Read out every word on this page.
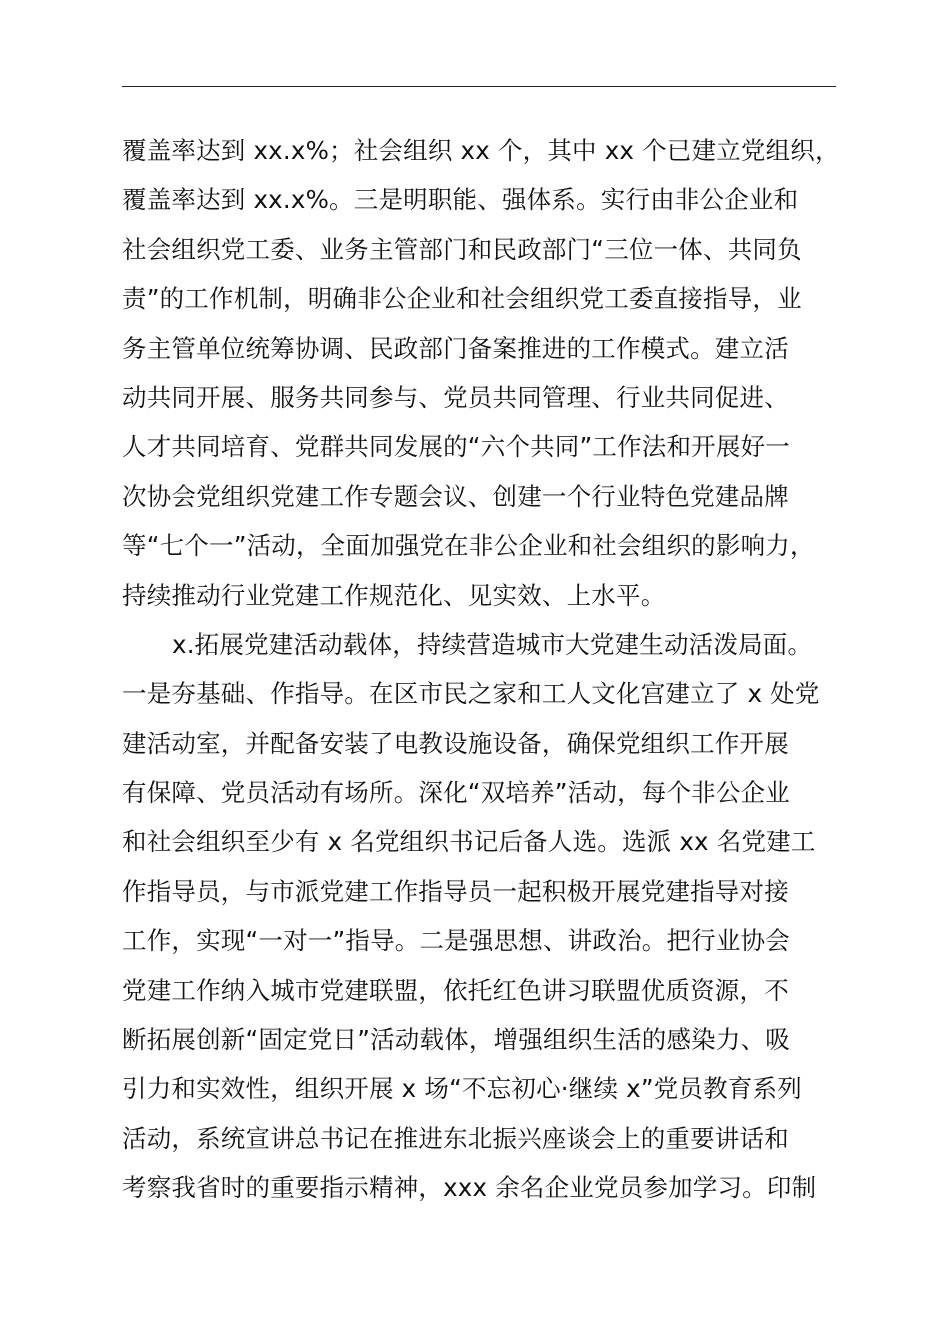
覆盖率达到 xx.x%；社会组织 xx 个，其中 xx 个已建立党组织，
覆盖率达到 xx.x%。三是明职能、强体系。实行由非公企业和
社会组织党工委、业务主管部门和民政部门“三位一体、共同负
责”的工作机制，明确非公企业和社会组织党工委直接指导，业
务主管单位统筹协调、民政部门备案推进的工作模式。建立活
动共同开展、服务共同参与、党员共同管理、行业共同促进、
人才共同培育、党群共同发展的“六个共同”工作法和开展好一
次协会党组织党建工作专题会议、创建一个行业特色党建品牌
等“七个一”活动，全面加强党在非公企业和社会组织的影响力，
持续推动行业党建工作规范化、见实效、上水平。
x.拓展党建活动载体，持续营造城市大党建生动活泼局面。
一是夯基础、作指导。在区市民之家和工人文化宫建立了 x 处党
建活动室，并配备安装了电教设施设备，确保党组织工作开展
有保障、党员活动有场所。深化“双培养”活动，每个非公企业
和社会组织至少有 x 名党组织书记后备人选。选派 xx 名党建工
作指导员，与市派党建工作指导员一起积极开展党建指导对接
工作，实现“一对一”指导。二是强思想、讲政治。把行业协会
党建工作纳入城市党建联盟，依托红色讲习联盟优质资源，不
断拓展创新“固定党日”活动载体，增强组织生活的感染力、吸
引力和实效性，组织开展 x 场“不忘初心·继续 x”党员教育系列
活动，系统宣讲总书记在推进东北振兴座谈会上的重要讲话和
考察我省时的重要指示精神，xxx 余名企业党员参加学习。印制
